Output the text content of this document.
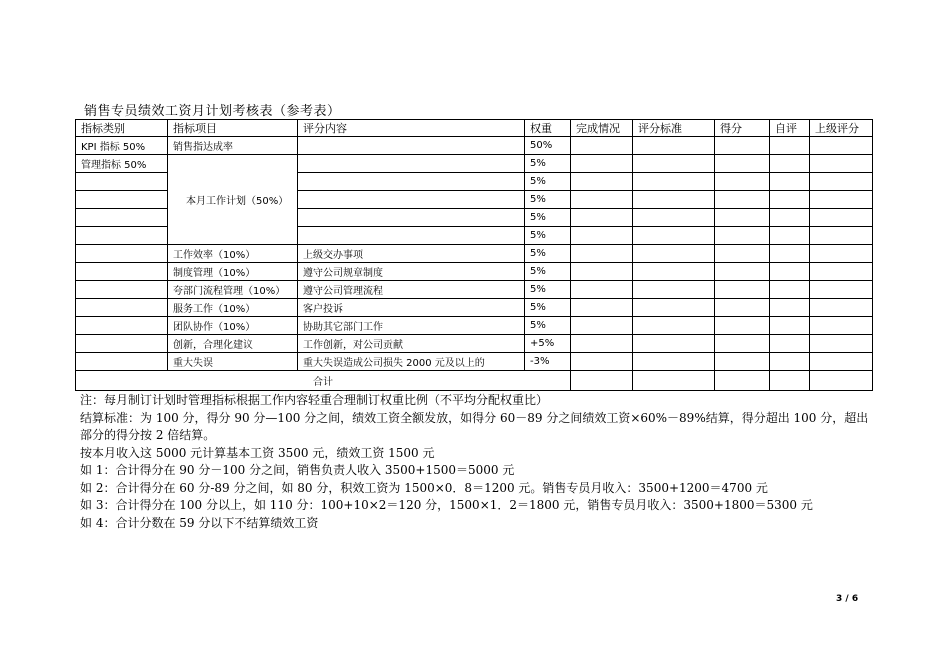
销售专员绩效工资月计划考核表（参考表）
指标类别	指标项目	评分内容	权重	完成情况	评分标准	得分	自评	上级评分
KPI 指标 50%	销售指达成率		50%					
管理指标 50%	本月工作计划（50%）		5%					
			5%					
			5%					
			5%					
			5%					
	工作效率（10%）	上级交办事项	5%					
	制度管理（10%）	遵守公司规章制度	5%					
	夸部门流程管理（10%）	遵守公司管理流程	5%					
	服务工作（10%）	客户投诉	5%					
	团队协作（10%）	协助其它部门工作	5%					
	创新，合理化建议	工作创新，对公司贡献	+5%					
	重大失误	重大失误造成公司损失 2000 元及以上的	-3%					
合计								
注：每月制订计划时管理指标根据工作内容轻重合理制订权重比例（不平均分配权重比）
结算标准：为 100 分，得分 90 分—100 分之间，绩效工资全额发放，如得分 60－89 分之间绩效工资×60%－89%结算，得分超出 100 分，超出部分的得分按 2 倍结算。
按本月收入这 5000 元计算基本工资 3500 元，绩效工资 1500 元
如 1：合计得分在 90 分－100 分之间，销售负责人收入 3500+1500＝5000 元
如 2：合计得分在 60 分-89 分之间，如 80 分，积效工资为 1500×0．8＝1200 元。销售专员月收入：3500+1200＝4700 元
如 3：合计得分在 100 分以上，如 110 分：100+10×2＝120 分，1500×1．2＝1800 元，销售专员月收入：3500+1800＝5300 元
如 4：合计分数在 59 分以下不结算绩效工资
3 / 6
